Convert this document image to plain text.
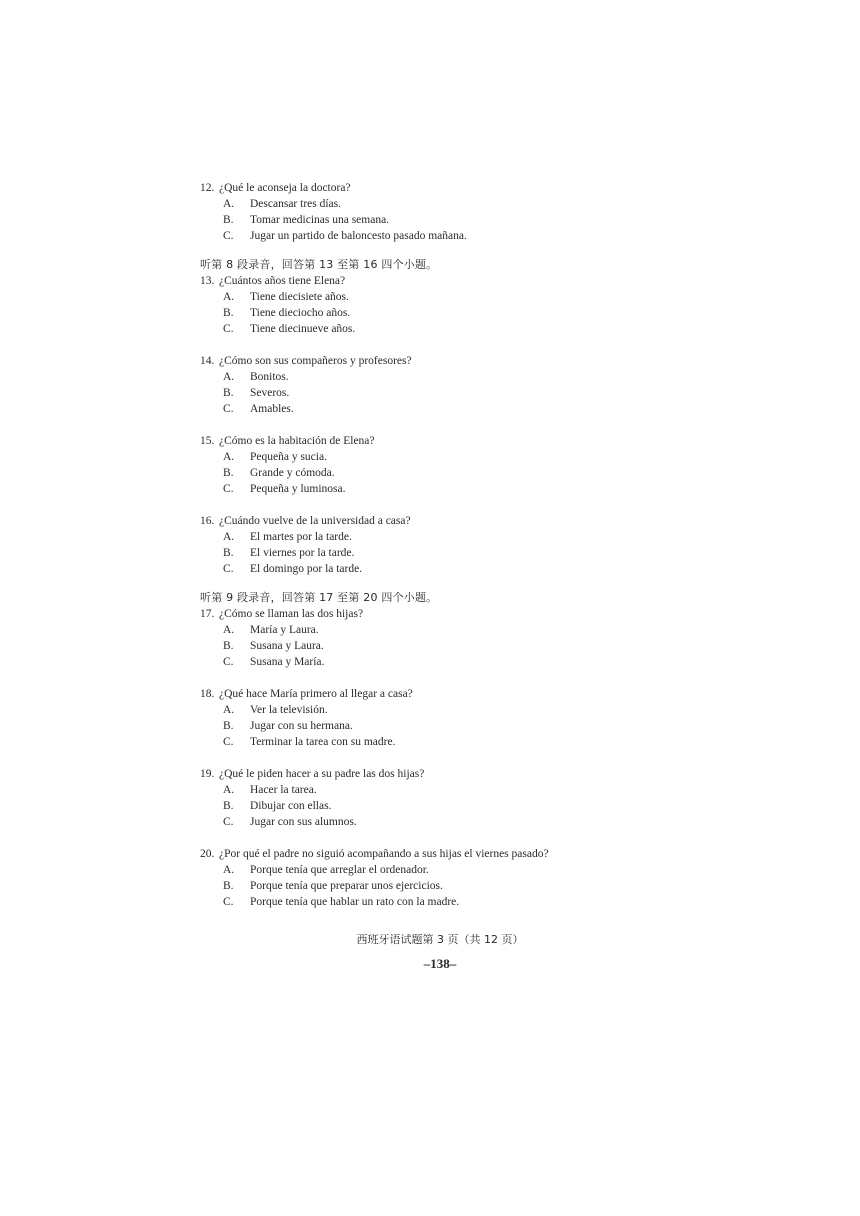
12. ¿Qué le aconseja la doctora?
A.	Descansar tres días.
B.	Tomar medicinas una semana.
C.	Jugar un partido de baloncesto pasado mañana.
听第 8 段录音，回答第 13 至第 16 四个小题。
13. ¿Cuántos años tiene Elena?
A.	Tiene diecisiete años.
B.	Tiene dieciocho años.
C.	Tiene diecinueve años.
14. ¿Cómo son sus compañeros y profesores?
A.	Bonitos.
B.	Severos.
C.	Amables.
15. ¿Cómo es la habitación de Elena?
A.	Pequeña y sucia.
B.	Grande y cómoda.
C.	Pequeña y luminosa.
16. ¿Cuándo vuelve de la universidad a casa?
A.	El martes por la tarde.
B.	El viernes por la tarde.
C.	El domingo por la tarde.
听第 9 段录音，回答第 17 至第 20 四个小题。
17. ¿Cómo se llaman las dos hijas?
A.	María y Laura.
B.	Susana y Laura.
C.	Susana y María.
18. ¿Qué hace María primero al llegar a casa?
A.	Ver la televisión.
B.	Jugar con su hermana.
C.	Terminar la tarea con su madre.
19. ¿Qué le piden hacer a su padre las dos hijas?
A.	Hacer la tarea.
B.	Dibujar con ellas.
C.	Jugar con sus alumnos.
20. ¿Por qué el padre no siguió acompañando a sus hijas el viernes pasado?
A.	Porque tenía que arreglar el ordenador.
B.	Porque tenía que preparar unos ejercicios.
C.	Porque tenía que hablar un rato con la madre.
西班牙语试题第 3 页（共 12 页）
–138–
